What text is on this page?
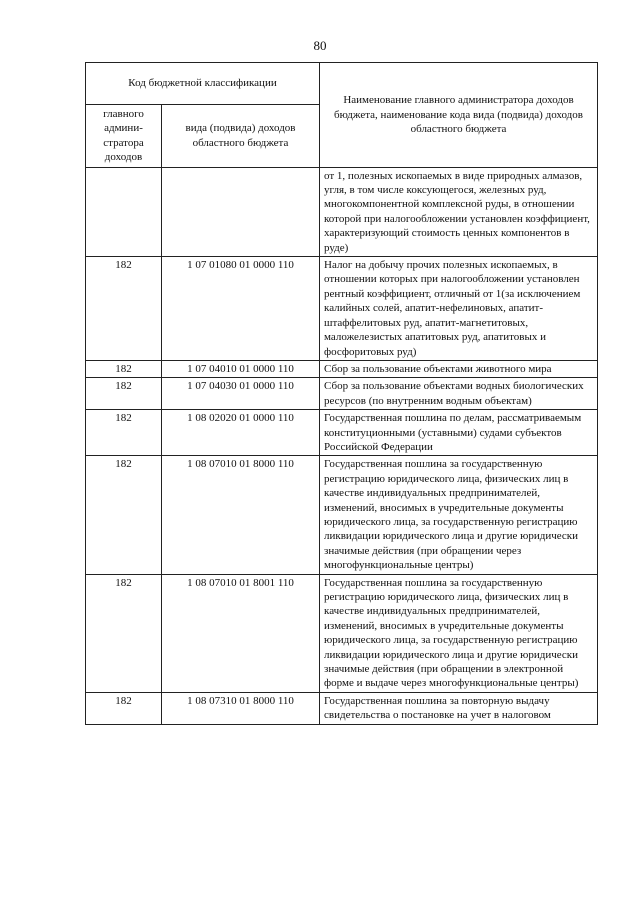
80
Код бюджетной классификации		Наименование главного администратора доходов бюджета, наименование кода вида (подвида) доходов областного бюджета
главного админи-стратора доходов	вида (подвида) доходов областного бюджета	
		от 1, полезных ископаемых в виде природных алмазов, угля, в том числе коксующегося, железных руд, многокомпонентной комплексной руды, в отношении которой при налогообложении установлен коэффициент, характеризующий стоимость ценных компонентов в руде)
182	1 07 01080 01 0000 110	Налог на добычу прочих полезных ископаемых, в отношении которых при налогообложении установлен рентный коэффициент, отличный от 1(за исключением калийных солей, апатит-нефелиновых, апатит-штаффелитовых руд, апатит-магнетитовых, маложелезистых апатитовых руд, апатитовых и фосфоритовых руд)
182	1 07 04010 01 0000 110	Сбор за пользование объектами животного мира
182	1 07 04030 01 0000 110	Сбор за пользование объектами водных биологических ресурсов (по внутренним водным объектам)
182	1 08 02020 01 0000 110	Государственная пошлина по делам, рассматриваемым конституционными (уставными) судами субъектов Российской Федерации
182	1 08 07010 01 8000 110	Государственная пошлина за государственную регистрацию юридического лица, физических лиц в качестве индивидуальных предпринимателей, изменений, вносимых в учредительные документы юридического лица, за государственную регистрацию ликвидации юридического лица и другие юридически значимые действия (при обращении через многофункциональные центры)
182	1 08 07010 01 8001 110	Государственная пошлина за государственную регистрацию юридического лица, физических лиц в качестве индивидуальных предпринимателей, изменений, вносимых в учредительные документы юридического лица, за государственную регистрацию ликвидации юридического лица и другие юридически значимые действия (при обращении в электронной форме и выдаче через многофункциональные центры)
182	1 08 07310 01 8000 110	Государственная пошлина за повторную выдачу свидетельства о постановке на учет в налоговом
